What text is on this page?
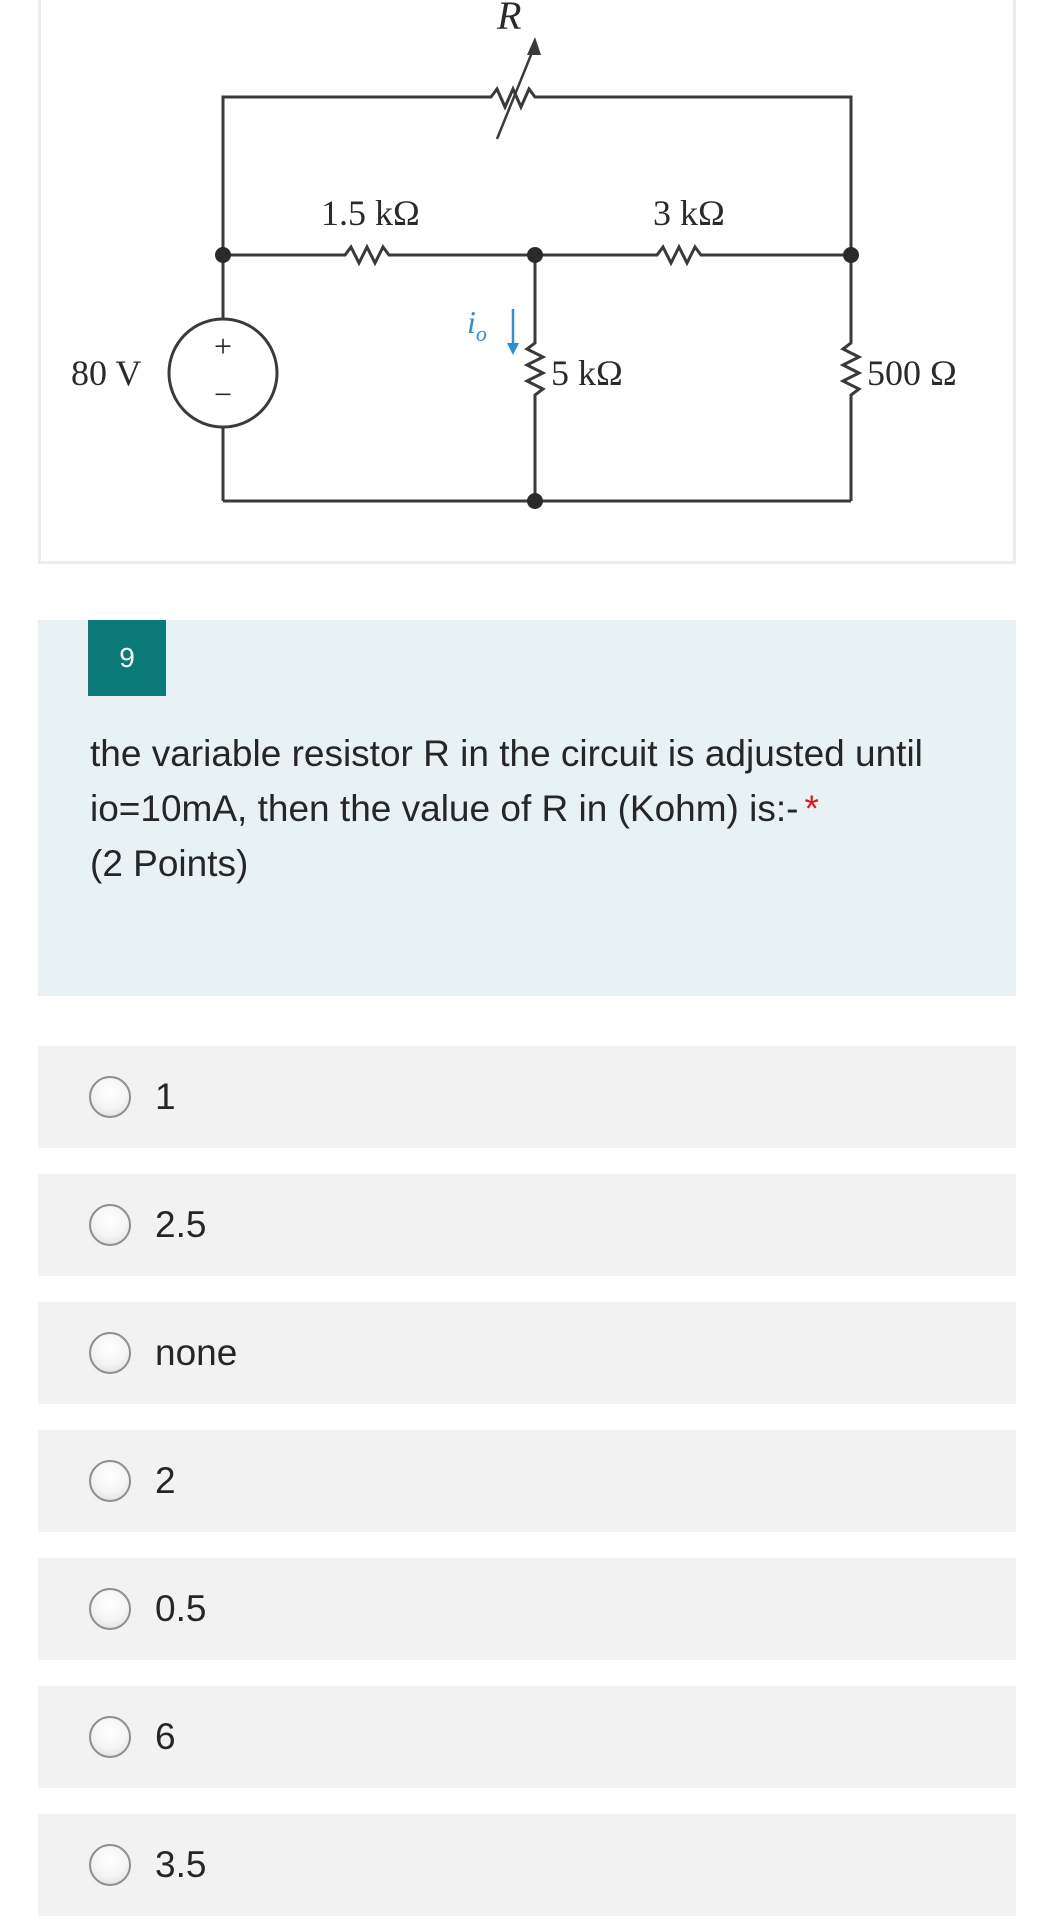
+
−
R
1.5 kΩ	3 kΩ
5 kΩ	500 Ω
80 V
$i_o$
9
the variable resistor R in the circuit is adjusted until io=10mA, then the value of R in (Kohm) is:- *
(2 Points)
1
2.5
none
2
0.5
6
3.5
